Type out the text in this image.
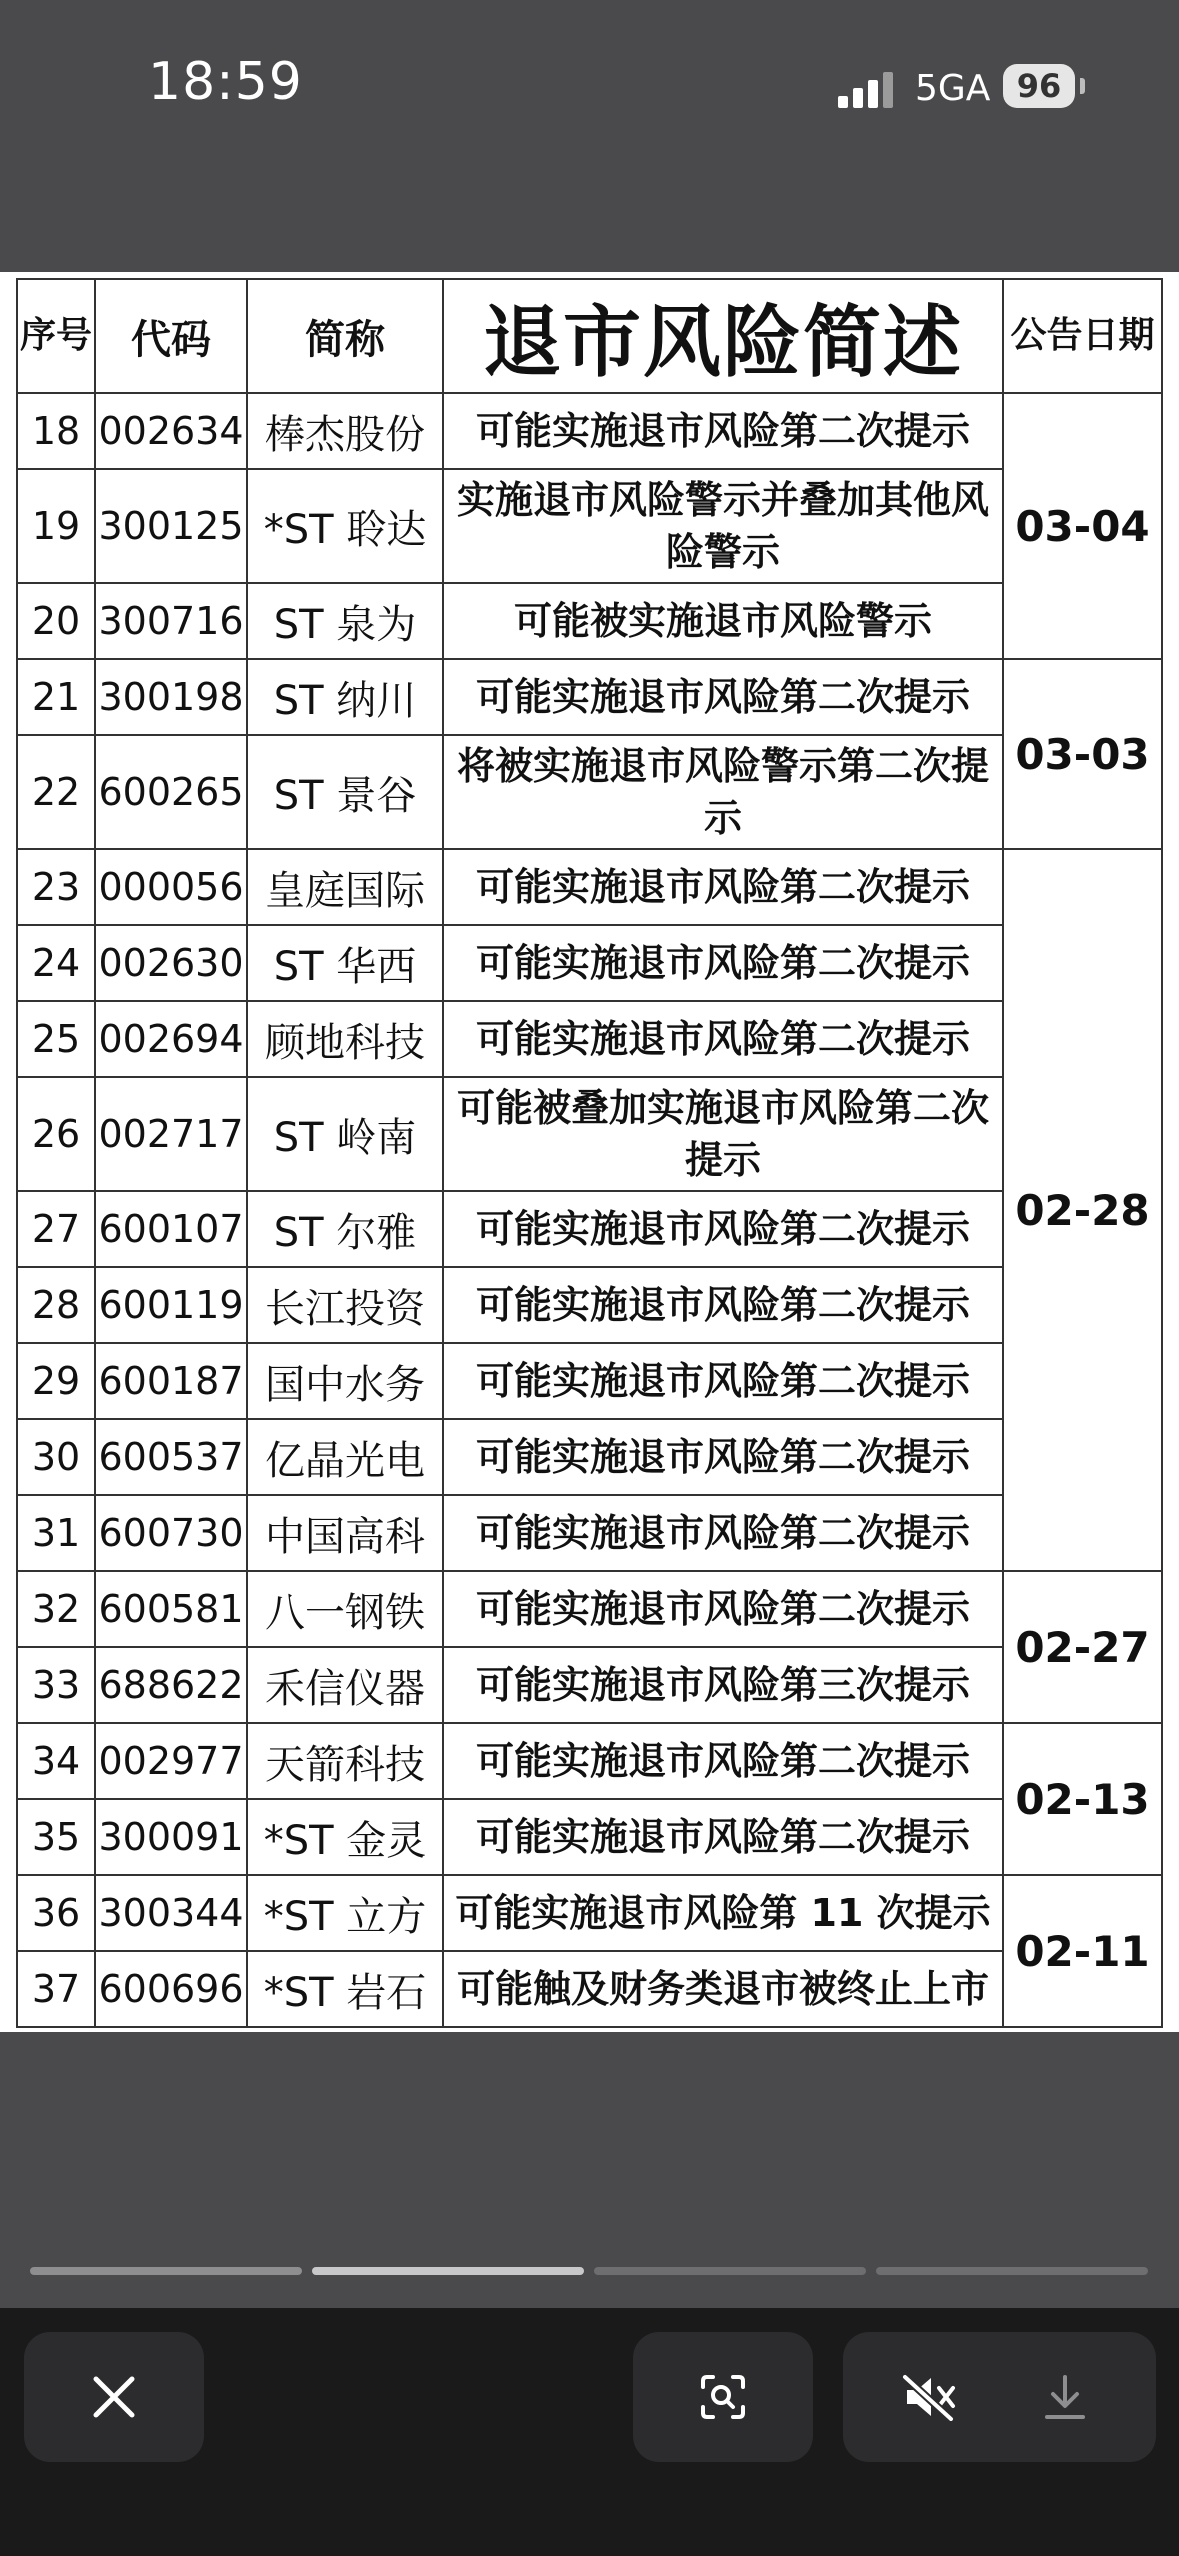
18:59	5GA 96
序号	代码	简称	退市风险简述	公告日期
18	002634	棒杰股份	可能实施退市风险第二次提示	03-04
19	300125	*ST 聆达	实施退市风险警示并叠加其他风险警示	
20	300716	ST 泉为	可能被实施退市风险警示	
21	300198	ST 纳川	可能实施退市风险第二次提示	03-03
22	600265	ST 景谷	将被实施退市风险警示第二次提示	
23	000056	皇庭国际	可能实施退市风险第二次提示	02-28
24	002630	ST 华西	可能实施退市风险第二次提示	
25	002694	顾地科技	可能实施退市风险第二次提示	
26	002717	ST 岭南	可能被叠加实施退市风险第二次提示	
27	600107	ST 尔雅	可能实施退市风险第二次提示	
28	600119	长江投资	可能实施退市风险第二次提示	
29	600187	国中水务	可能实施退市风险第二次提示	
30	600537	亿晶光电	可能实施退市风险第二次提示	
31	600730	中国高科	可能实施退市风险第二次提示	
32	600581	八一钢铁	可能实施退市风险第二次提示	02-27
33	688622	禾信仪器	可能实施退市风险第三次提示	
34	002977	天箭科技	可能实施退市风险第二次提示	02-13
35	300091	*ST 金灵	可能实施退市风险第二次提示	
36	300344	*ST 立方	可能实施退市风险第 11 次提示	02-11
37	600696	*ST 岩石	可能触及财务类退市被终止上市	
